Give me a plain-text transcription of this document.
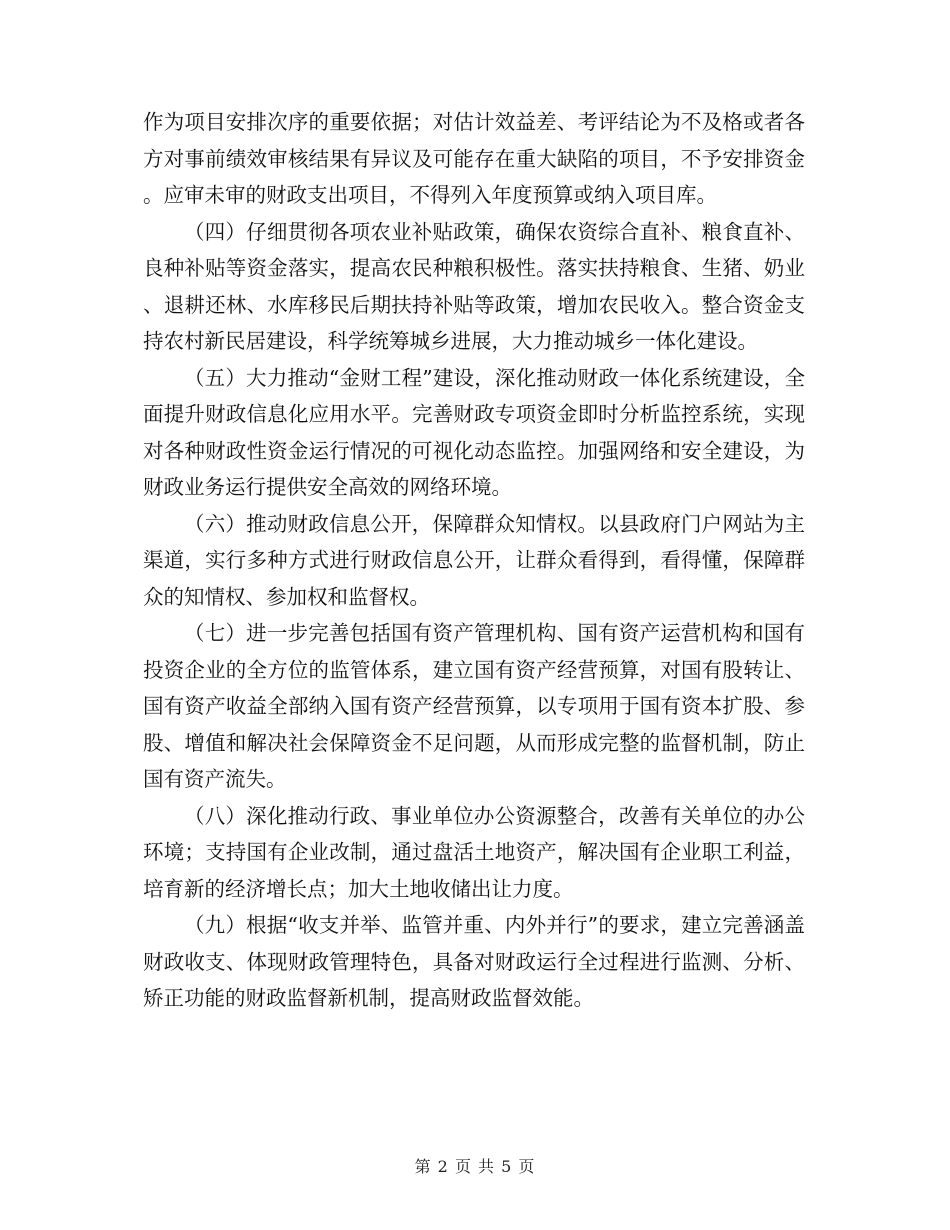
作为项目安排次序的重要依据；对估计效益差、考评结论为不及格或者各方对事前绩效审核结果有异议及可能存在重大缺陷的项目，不予安排资金。应审未审的财政支出项目，不得列入年度预算或纳入项目库。

（四）仔细贯彻各项农业补贴政策，确保农资综合直补、粮食直补、良种补贴等资金落实，提高农民种粮积极性。落实扶持粮食、生猪、奶业、退耕还林、水库移民后期扶持补贴等政策，增加农民收入。整合资金支持农村新民居建设，科学统筹城乡进展，大力推动城乡一体化建设。

（五）大力推动“金财工程”建设，深化推动财政一体化系统建设，全面提升财政信息化应用水平。完善财政专项资金即时分析监控系统，实现对各种财政性资金运行情况的可视化动态监控。加强网络和安全建设，为财政业务运行提供安全高效的网络环境。

（六）推动财政信息公开，保障群众知情权。以县政府门户网站为主渠道，实行多种方式进行财政信息公开，让群众看得到，看得懂，保障群众的知情权、参加权和监督权。

（七）进一步完善包括国有资产管理机构、国有资产运营机构和国有投资企业的全方位的监管体系，建立国有资产经营预算，对国有股转让、国有资产收益全部纳入国有资产经营预算，以专项用于国有资本扩股、参股、增值和解决社会保障资金不足问题，从而形成完整的监督机制，防止国有资产流失。

（八）深化推动行政、事业单位办公资源整合，改善有关单位的办公环境；支持国有企业改制，通过盘活土地资产，解决国有企业职工利益，培育新的经济增长点；加大土地收储出让力度。

（九）根据“收支并举、监管并重、内外并行”的要求，建立完善涵盖财政收支、体现财政管理特色，具备对财政运行全过程进行监测、分析、矫正功能的财政监督新机制，提高财政监督效能。

第 2 页 共 5 页
